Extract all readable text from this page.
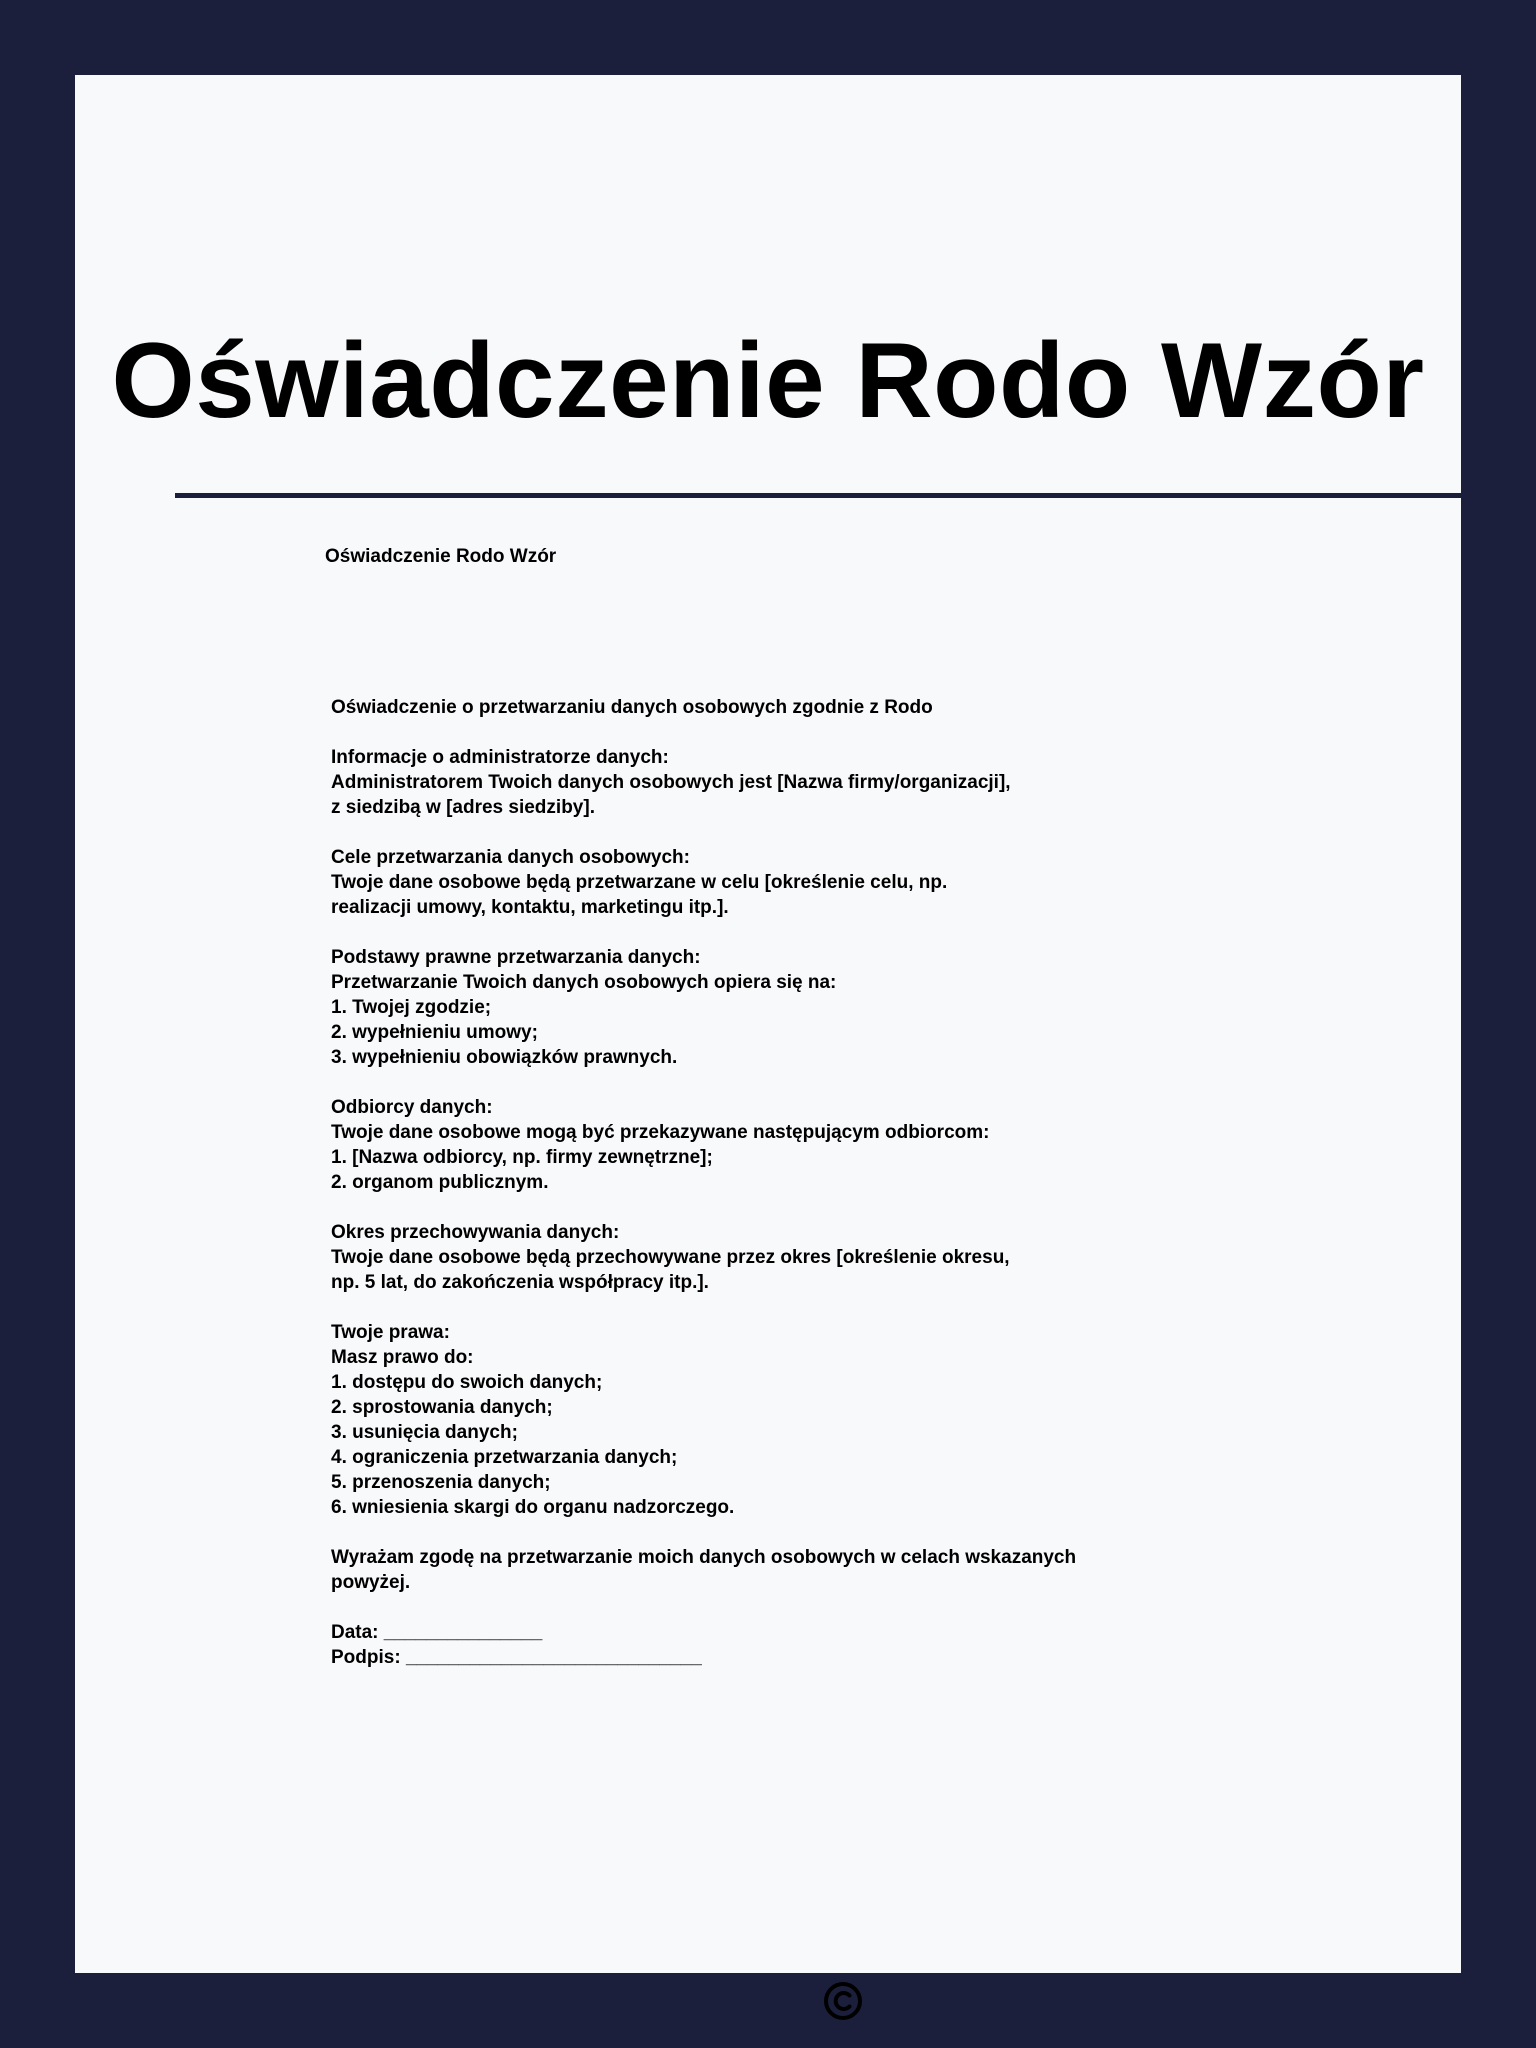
Oświadczenie Rodo Wzór

Oświadczenie Rodo Wzór

Oświadczenie o przetwarzaniu danych osobowych zgodnie z Rodo
Informacje o administratorze danych:
Administratorem Twoich danych osobowych jest [Nazwa firmy/organizacji],
z siedzibą w [adres siedziby].
Cele przetwarzania danych osobowych:
Twoje dane osobowe będą przetwarzane w celu [określenie celu, np.
realizacji umowy, kontaktu, marketingu itp.].
Podstawy prawne przetwarzania danych:
Przetwarzanie Twoich danych osobowych opiera się na:
1. Twojej zgodzie;
2. wypełnieniu umowy;
3. wypełnieniu obowiązków prawnych.
Odbiorcy danych:
Twoje dane osobowe mogą być przekazywane następującym odbiorcom:
1. [Nazwa odbiorcy, np. firmy zewnętrzne];
2. organom publicznym.
Okres przechowywania danych:
Twoje dane osobowe będą przechowywane przez okres [określenie okresu,
np. 5 lat, do zakończenia współpracy itp.].
Twoje prawa:
Masz prawo do:
1. dostępu do swoich danych;
2. sprostowania danych;
3. usunięcia danych;
4. ograniczenia przetwarzania danych;
5. przenoszenia danych;
6. wniesienia skargi do organu nadzorczego.
Wyrażam zgodę na przetwarzanie moich danych osobowych w celach wskazanych
powyżej.
Data: _______________
Podpis: ____________________________
